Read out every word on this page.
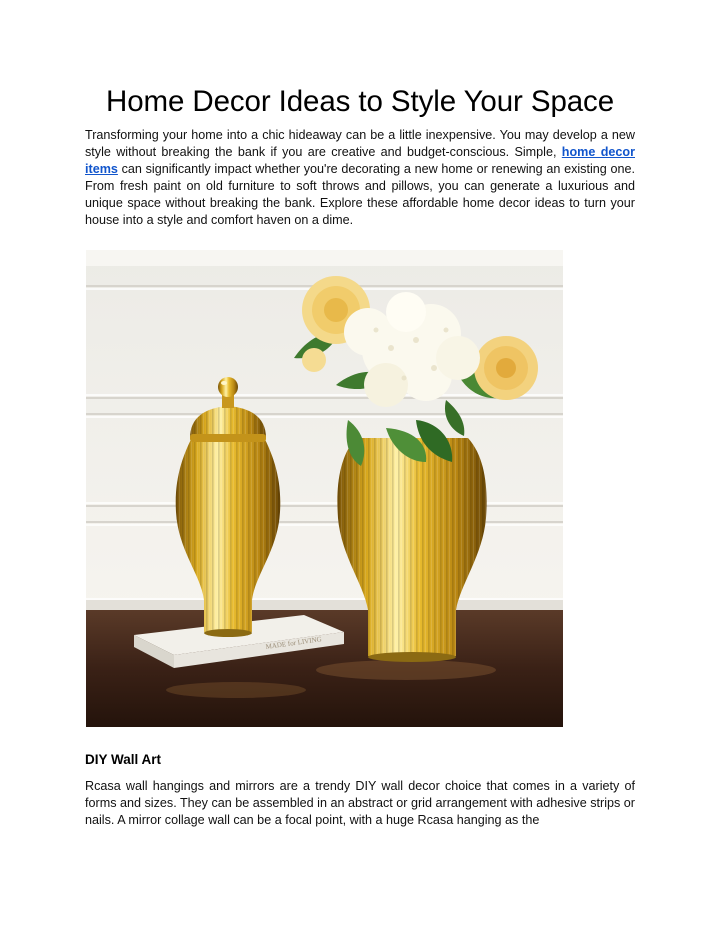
Home Decor Ideas to Style Your Space

Transforming your home into a chic hideaway can be a little inexpensive. You may develop a new style without breaking the bank if you are creative and budget-conscious. Simple, home decor items can significantly impact whether you're decorating a new home or renewing an existing one. From fresh paint on old furniture to soft throws and pillows, you can generate a luxurious and unique space without breaking the bank. Explore these affordable home decor ideas to turn your house into a style and comfort haven on a dime.

MADE for LIVING
DIY Wall Art

Rcasa wall hangings and mirrors are a trendy DIY wall decor choice that comes in a variety of forms and sizes. They can be assembled in an abstract or grid arrangement with adhesive strips or nails. A mirror collage wall can be a focal point, with a huge Rcasa hanging as the
